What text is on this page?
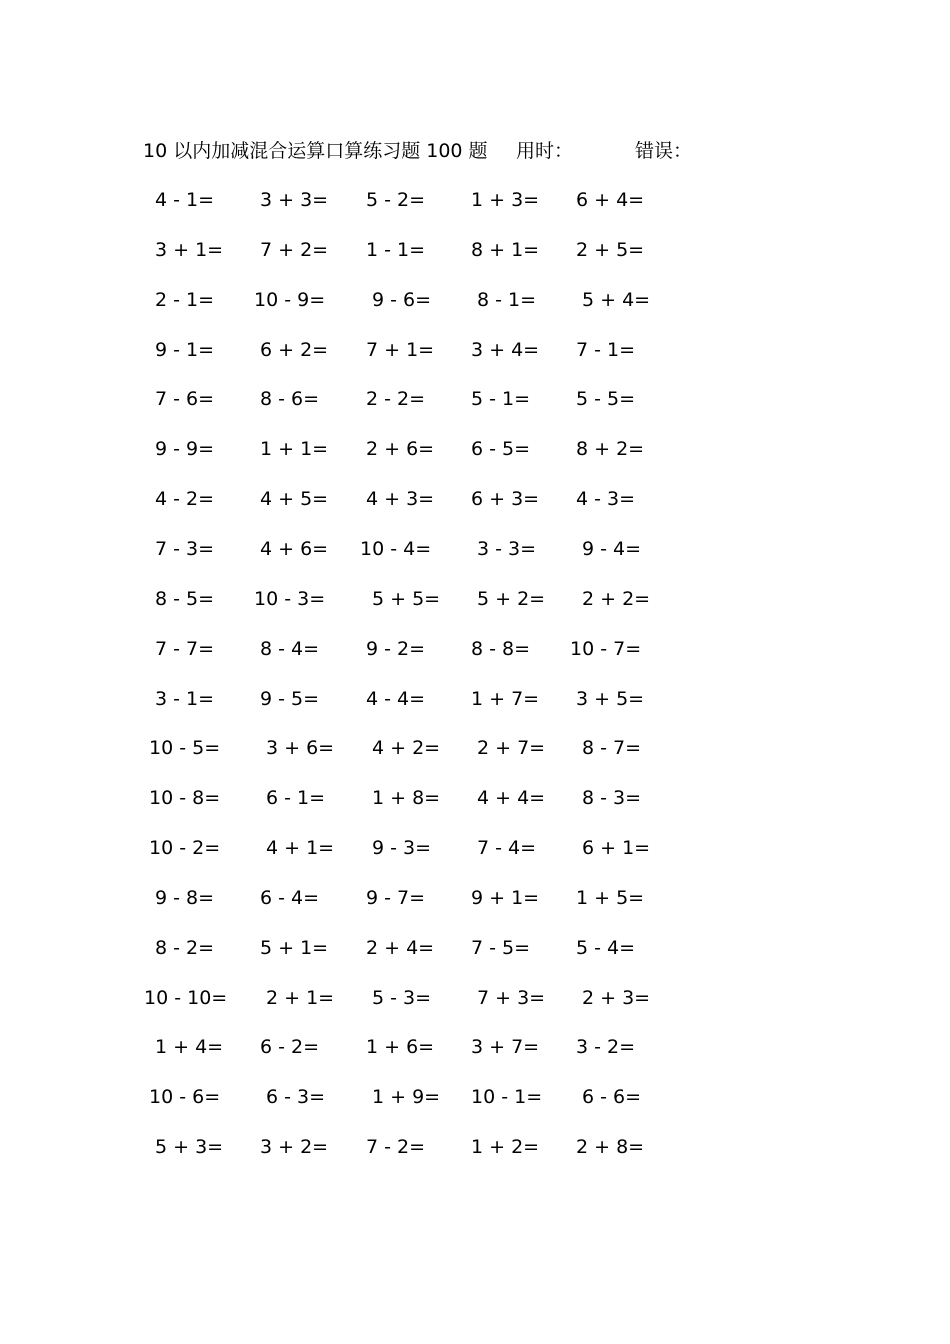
10 以内加减混合运算口算练习题 100 题 用时：	错误：
4 - 1= 3 + 3= 5 - 2= 1 + 3= 6 + 4=
3 + 1= 7 + 2= 1 - 1= 8 + 1= 2 + 5=
2 - 1= 10 - 9= 9 - 6= 8 - 1= 5 + 4=
9 - 1= 6 + 2= 7 + 1= 3 + 4= 7 - 1=
7 - 6= 8 - 6= 2 - 2= 5 - 1= 5 - 5=
9 - 9= 1 + 1= 2 + 6= 6 - 5= 8 + 2=
4 - 2= 4 + 5= 4 + 3= 6 + 3= 4 - 3=
7 - 3= 4 + 6= 10 - 4= 3 - 3= 9 - 4=
8 - 5= 10 - 3= 5 + 5= 5 + 2= 2 + 2=
7 - 7= 8 - 4= 9 - 2= 8 - 8= 10 - 7=
3 - 1= 9 - 5= 4 - 4= 1 + 7= 3 + 5=
10 - 5= 3 + 6= 4 + 2= 2 + 7= 8 - 7=
10 - 8= 6 - 1= 1 + 8= 4 + 4= 8 - 3=
10 - 2= 4 + 1= 9 - 3= 7 - 4= 6 + 1=
9 - 8= 6 - 4= 9 - 7= 9 + 1= 1 + 5=
8 - 2= 5 + 1= 2 + 4= 7 - 5= 5 - 4=
10 - 10= 2 + 1= 5 - 3= 7 + 3= 2 + 3=
1 + 4= 6 - 2= 1 + 6= 3 + 7= 3 - 2=
10 - 6= 6 - 3= 1 + 9= 10 - 1= 6 - 6=
5 + 3= 3 + 2= 7 - 2= 1 + 2= 2 + 8=
